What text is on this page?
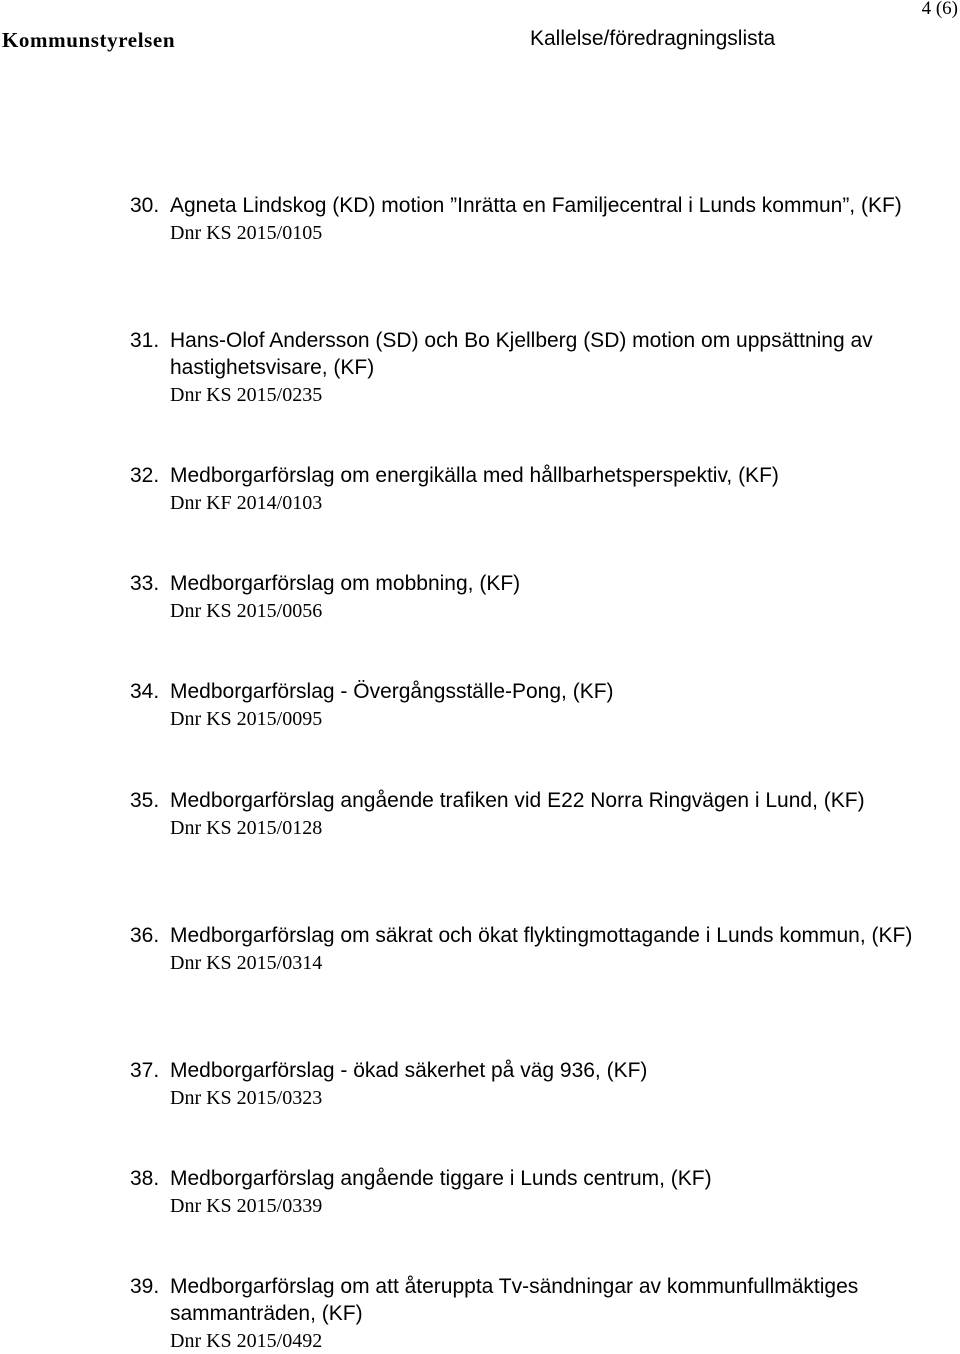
4 (6)
Kommunstyrelsen	Kallelse/föredragningslista
30. Agneta Lindskog (KD) motion ”Inrätta en Familjecentral i Lunds kommun”, (KF)
Dnr KS 2015/0105
31. Hans-Olof Andersson (SD) och Bo Kjellberg (SD) motion om uppsättning av hastighetsvisare, (KF)
Dnr KS 2015/0235
32. Medborgarförslag om energikälla med hållbarhetsperspektiv, (KF)
Dnr KF 2014/0103
33. Medborgarförslag om mobbning, (KF)
Dnr KS 2015/0056
34. Medborgarförslag - Övergångsställe-Pong, (KF)
Dnr KS 2015/0095
35. Medborgarförslag angående trafiken vid E22 Norra Ringvägen i Lund, (KF)
Dnr KS 2015/0128
36. Medborgarförslag om säkrat och ökat flyktingmottagande i Lunds kommun, (KF)
Dnr KS 2015/0314
37. Medborgarförslag - ökad säkerhet på väg 936, (KF)
Dnr KS 2015/0323
38. Medborgarförslag angående tiggare i Lunds centrum, (KF)
Dnr KS 2015/0339
39. Medborgarförslag om att återuppta Tv-sändningar av kommunfullmäktiges sammanträden, (KF)
Dnr KS 2015/0492
